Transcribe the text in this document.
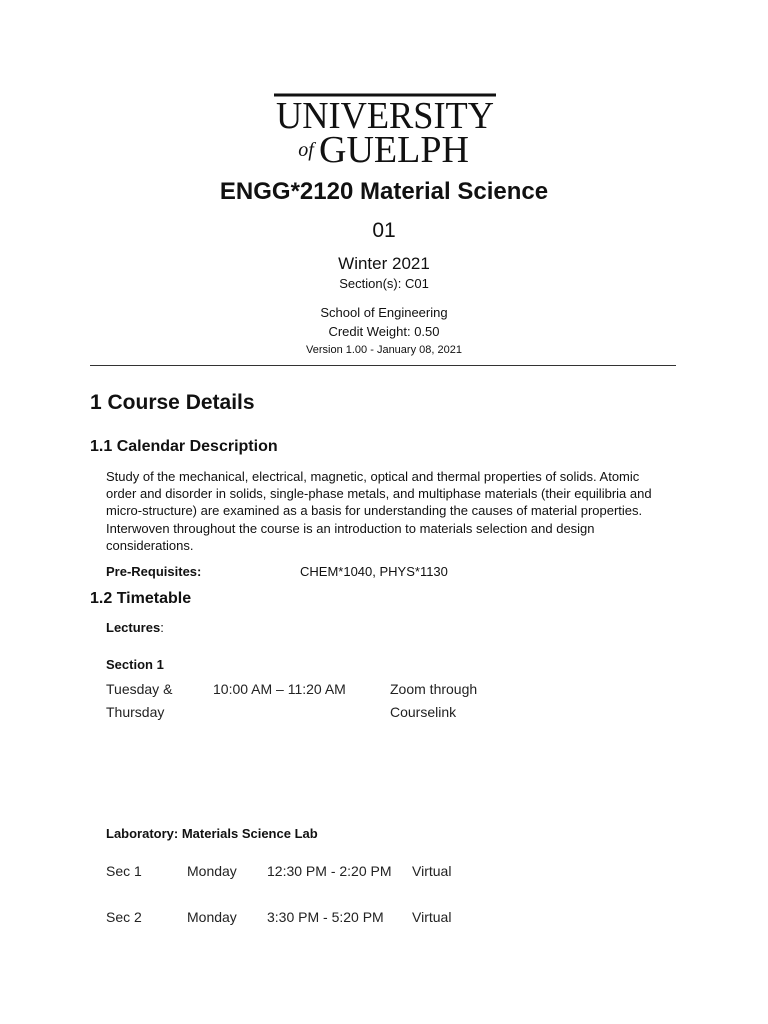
UNIVERSITY
of GUELPH
ENGG*2120 Material Science
01
Winter 2021
Section(s): C01
School of Engineering
Credit Weight: 0.50
Version 1.00 - January 08, 2021
1 Course Details
1.1 Calendar Description
Study of the mechanical, electrical, magnetic, optical and thermal properties of solids. Atomic order and disorder in solids, single-phase metals, and multiphase materials (their equilibria and micro-structure) are examined as a basis for understanding the causes of material properties. Interwoven throughout the course is an introduction to materials selection and design considerations.
Pre-Requisites:	CHEM*1040, PHYS*1130
1.2 Timetable
Lectures:
Section 1
Tuesday & Thursday
10:00 AM – 11:20 AM	Zoom through Courselink
Laboratory: Materials Science Lab
Sec 1	Monday 12:30 PM - 2:20 PM Virtual
Sec 2	Monday 3:30 PM - 5:20 PM Virtual
